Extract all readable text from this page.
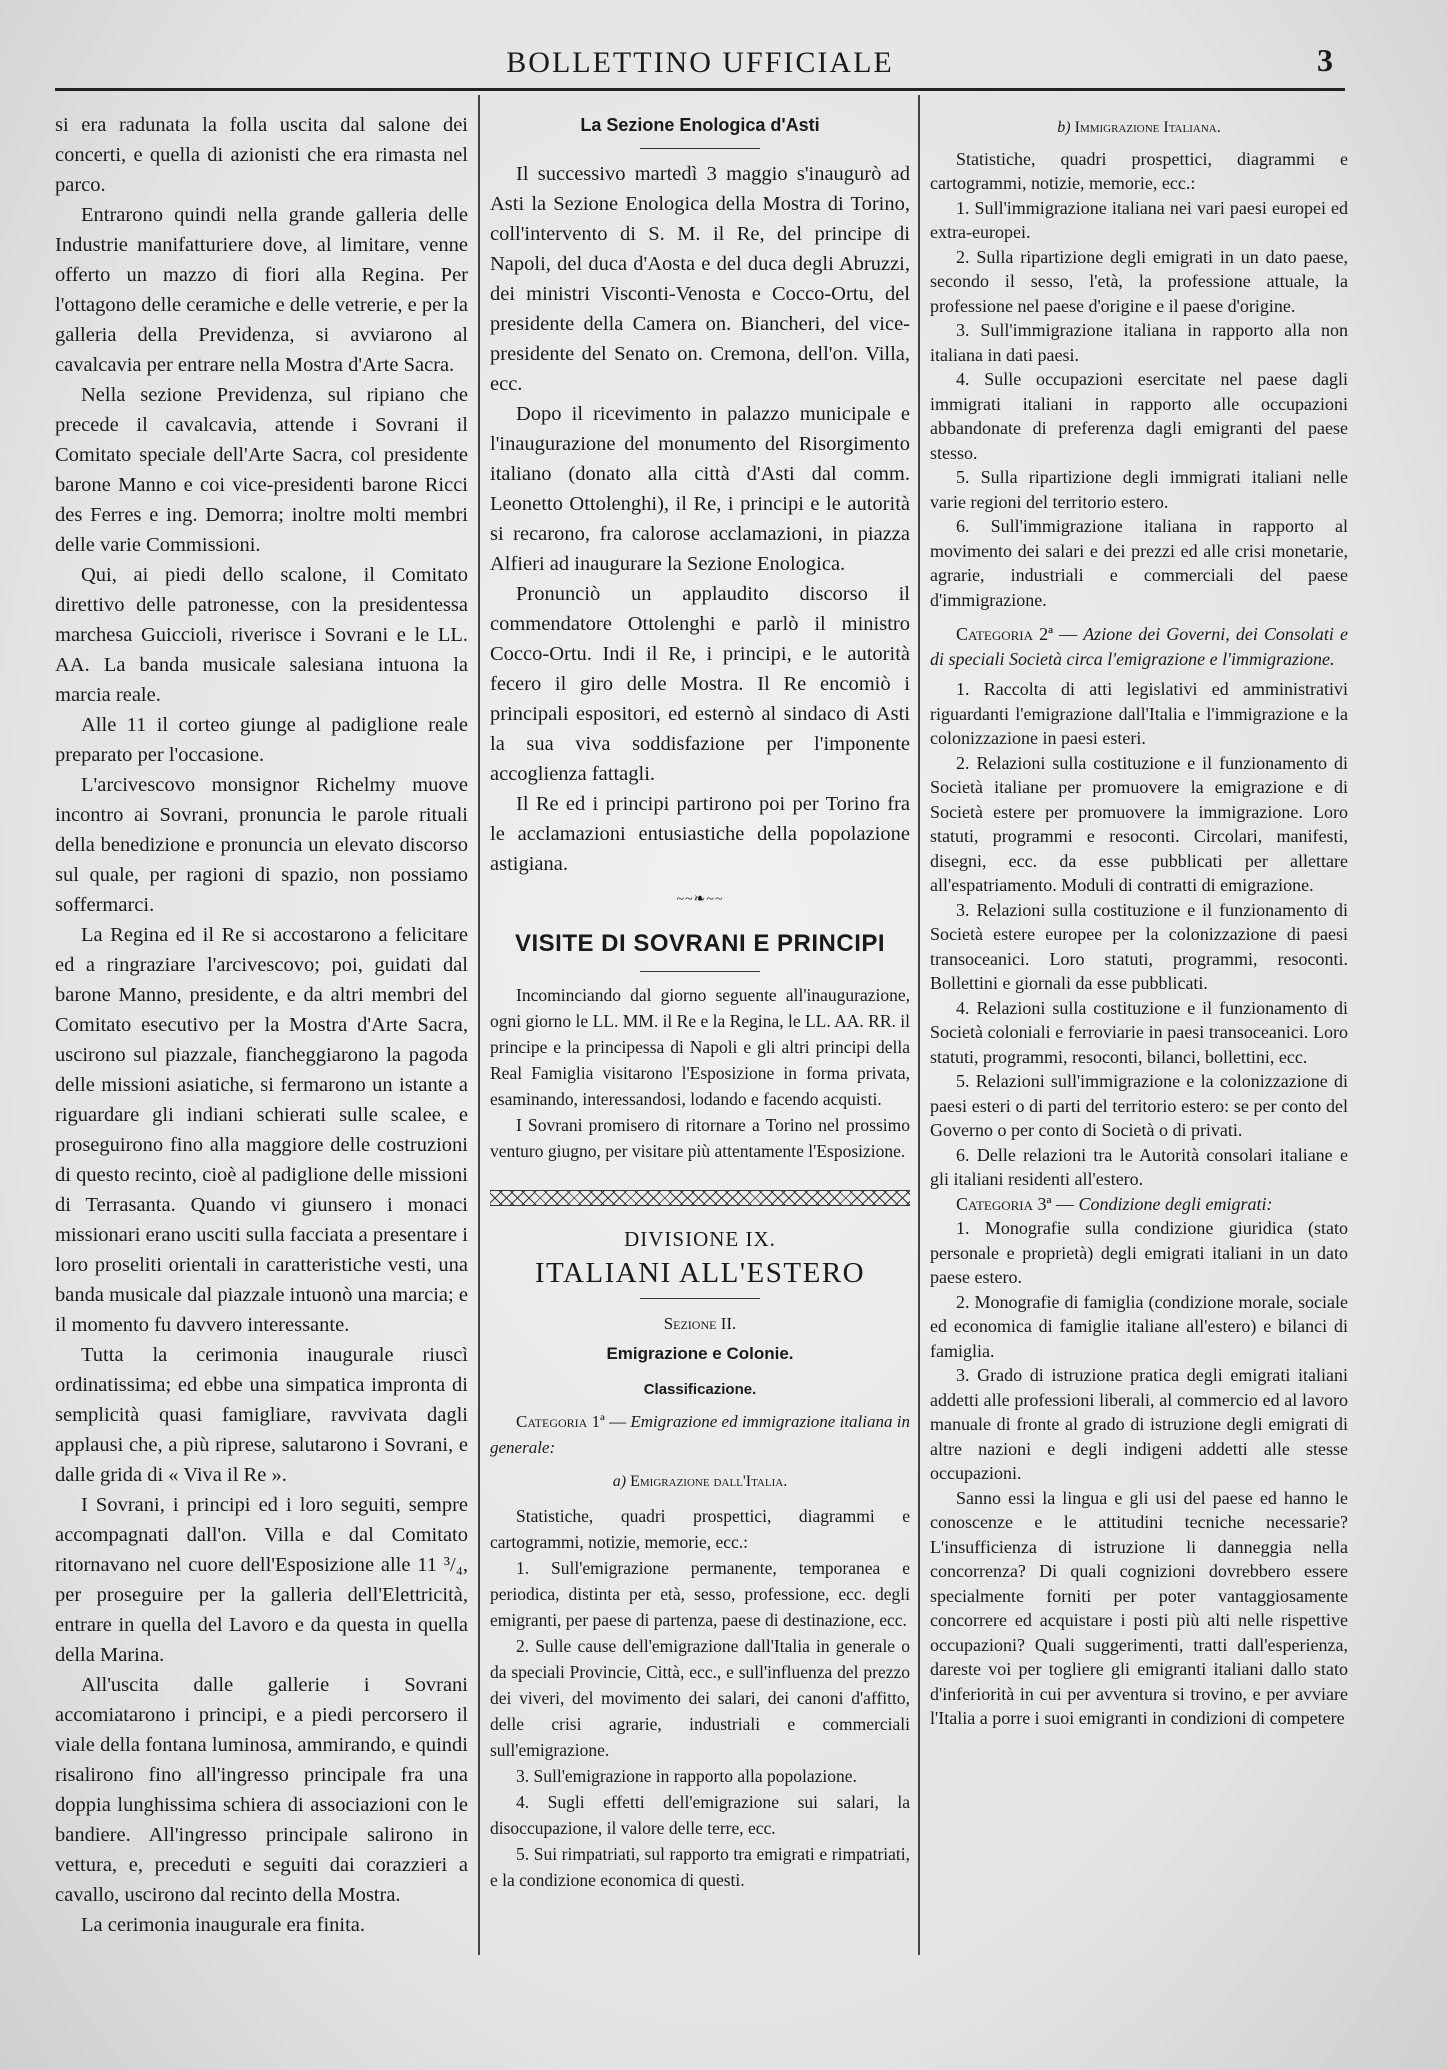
BOLLETTINO UFFICIALE	3

si era radunata la folla uscita dal salone dei concerti, e quella di azionisti che era rimasta nel parco.

Entrarono quindi nella grande galleria delle Industrie manifatturiere dove, al limitare, venne offerto un mazzo di fiori alla Regina. Per l'ottagono delle ceramiche e delle vetrerie, e per la galleria della Previdenza, si avviarono al cavalcavia per entrare nella Mostra d'Arte Sacra.

Nella sezione Previdenza, sul ripiano che precede il cavalcavia, attende i Sovrani il Comitato speciale dell'Arte Sacra, col presidente barone Manno e coi vice-presidenti barone Ricci des Ferres e ing. Demorra; inoltre molti membri delle varie Commissioni.

Qui, ai piedi dello scalone, il Comitato direttivo delle patronesse, con la presidentessa marchesa Guiccioli, riverisce i Sovrani e le LL. AA. La banda musicale salesiana intuona la marcia reale.

Alle 11 il corteo giunge al padiglione reale preparato per l'occasione.

L'arcivescovo monsignor Richelmy muove incontro ai Sovrani, pronuncia le parole rituali della benedizione e pronuncia un elevato discorso sul quale, per ragioni di spazio, non possiamo soffermarci.

La Regina ed il Re si accostarono a felicitare ed a ringraziare l'arcivescovo; poi, guidati dal barone Manno, presidente, e da altri membri del Comitato esecutivo per la Mostra d'Arte Sacra, uscirono sul piazzale, fiancheggiarono la pagoda delle missioni asiatiche, si fermarono un istante a riguardare gli indiani schierati sulle scalee, e proseguirono fino alla maggiore delle costruzioni di questo recinto, cioè al padiglione delle missioni di Terrasanta. Quando vi giunsero i monaci missionari erano usciti sulla facciata a presentare i loro proseliti orientali in caratteristiche vesti, una banda musicale dal piazzale intuonò una marcia; e il momento fu davvero interessante.

Tutta la cerimonia inaugurale riuscì ordinatissima; ed ebbe una simpatica impronta di semplicità quasi famigliare, ravvivata dagli applausi che, a più riprese, salutarono i Sovrani, e dalle grida di « Viva il Re ».

I Sovrani, i principi ed i loro seguiti, sempre accompagnati dall'on. Villa e dal Comitato ritornavano nel cuore dell'Esposizione alle 11 ³/₄, per proseguire per la galleria dell'Elettricità, entrare in quella del Lavoro e da questa in quella della Marina.

All'uscita dalle gallerie i Sovrani accomiatarono i principi, e a piedi percorsero il viale della fontana luminosa, ammirando, e quindi risalirono fino all'ingresso principale fra una doppia lunghissima schiera di associazioni con le bandiere. All'ingresso principale salirono in vettura, e, preceduti e seguiti dai corazzieri a cavallo, uscirono dal recinto della Mostra.

La cerimonia inaugurale era finita.

La Sezione Enologica d'Asti

Il successivo martedì 3 maggio s'inaugurò ad Asti la Sezione Enologica della Mostra di Torino, coll'intervento di S. M. il Re, del principe di Napoli, del duca d'Aosta e del duca degli Abruzzi, dei ministri Visconti-Venosta e Cocco-Ortu, del presidente della Camera on. Biancheri, del vice-presidente del Senato on. Cremona, dell'on. Villa, ecc.

Dopo il ricevimento in palazzo municipale e l'inaugurazione del monumento del Risorgimento italiano (donato alla città d'Asti dal comm. Leonetto Ottolenghi), il Re, i principi e le autorità si recarono, fra calorose acclamazioni, in piazza Alfieri ad inaugurare la Sezione Enologica.

Pronunciò un applaudito discorso il commendatore Ottolenghi e parlò il ministro Cocco-Ortu. Indi il Re, i principi, e le autorità fecero il giro delle Mostra. Il Re encomiò i principali espositori, ed esternò al sindaco di Asti la sua viva soddisfazione per l'imponente accoglienza fattagli.

Il Re ed i principi partirono poi per Torino fra le acclamazioni entusiastiche della popolazione astigiana.

~~❧~~
VISITE DI SOVRANI E PRINCIPI

Incominciando dal giorno seguente all'inaugurazione, ogni giorno le LL. MM. il Re e la Regina, le LL. AA. RR. il principe e la principessa di Napoli e gli altri principi della Real Famiglia visitarono l'Esposizione in forma privata, esaminando, interessandosi, lodando e facendo acquisti.

I Sovrani promisero di ritornare a Torino nel prossimo venturo giugno, per visitare più attentamente l'Esposizione.

DIVISIONE IX.
ITALIANI ALL'ESTERO
Sezione II.
Emigrazione e Colonie.
Classificazione.

Categoria 1ª — Emigrazione ed immigrazione italiana in generale:

a) Emigrazione dall'Italia.

Statistiche, quadri prospettici, diagrammi e cartogrammi, notizie, memorie, ecc.:

1. Sull'emigrazione permanente, temporanea e periodica, distinta per età, sesso, professione, ecc. degli emigranti, per paese di partenza, paese di destinazione, ecc.

2. Sulle cause dell'emigrazione dall'Italia in generale o da speciali Provincie, Città, ecc., e sull'influenza del prezzo dei viveri, del movimento dei salari, dei canoni d'affitto, delle crisi agrarie, industriali e commerciali sull'emigrazione.

3. Sull'emigrazione in rapporto alla popolazione.

4. Sugli effetti dell'emigrazione sui salari, la disoccupazione, il valore delle terre, ecc.

5. Sui rimpatriati, sul rapporto tra emigrati e rimpatriati, e la condizione economica di questi.

b) Immigrazione Italiana.

Statistiche, quadri prospettici, diagrammi e cartogrammi, notizie, memorie, ecc.:

1. Sull'immigrazione italiana nei vari paesi europei ed extra-europei.

2. Sulla ripartizione degli emigrati in un dato paese, secondo il sesso, l'età, la professione attuale, la professione nel paese d'origine e il paese d'origine.

3. Sull'immigrazione italiana in rapporto alla non italiana in dati paesi.

4. Sulle occupazioni esercitate nel paese dagli immigrati italiani in rapporto alle occupazioni abbandonate di preferenza dagli emigranti del paese stesso.

5. Sulla ripartizione degli immigrati italiani nelle varie regioni del territorio estero.

6. Sull'immigrazione italiana in rapporto al movimento dei salari e dei prezzi ed alle crisi monetarie, agrarie, industriali e commerciali del paese d'immigrazione.

Categoria 2ª — Azione dei Governi, dei Consolati e di speciali Società circa l'emigrazione e l'immigrazione.

1. Raccolta di atti legislativi ed amministrativi riguardanti l'emigrazione dall'Italia e l'immigrazione e la colonizzazione in paesi esteri.

2. Relazioni sulla costituzione e il funzionamento di Società italiane per promuovere la emigrazione e di Società estere per promuovere la immigrazione. Loro statuti, programmi e resoconti. Circolari, manifesti, disegni, ecc. da esse pubblicati per allettare all'espatriamento. Moduli di contratti di emigrazione.

3. Relazioni sulla costituzione e il funzionamento di Società estere europee per la colonizzazione di paesi transoceanici. Loro statuti, programmi, resoconti. Bollettini e giornali da esse pubblicati.

4. Relazioni sulla costituzione e il funzionamento di Società coloniali e ferroviarie in paesi transoceanici. Loro statuti, programmi, resoconti, bilanci, bollettini, ecc.

5. Relazioni sull'immigrazione e la colonizzazione di paesi esteri o di parti del territorio estero: se per conto del Governo o per conto di Società o di privati.

6. Delle relazioni tra le Autorità consolari italiane e gli italiani residenti all'estero.

Categoria 3ª — Condizione degli emigrati:

1. Monografie sulla condizione giuridica (stato personale e proprietà) degli emigrati italiani in un dato paese estero.

2. Monografie di famiglia (condizione morale, sociale ed economica di famiglie italiane all'estero) e bilanci di famiglia.

3. Grado di istruzione pratica degli emigrati italiani addetti alle professioni liberali, al commercio ed al lavoro manuale di fronte al grado di istruzione degli emigrati di altre nazioni e degli indigeni addetti alle stesse occupazioni.

Sanno essi la lingua e gli usi del paese ed hanno le conoscenze e le attitudini tecniche necessarie? L'insufficienza di istruzione li danneggia nella concorrenza? Di quali cognizioni dovrebbero essere specialmente forniti per poter vantaggiosamente concorrere ed acquistare i posti più alti nelle rispettive occupazioni? Quali suggerimenti, tratti dall'esperienza, dareste voi per togliere gli emigranti italiani dallo stato d'inferiorità in cui per avventura si trovino, e per avviare l'Italia a porre i suoi emigranti in condizioni di competere
